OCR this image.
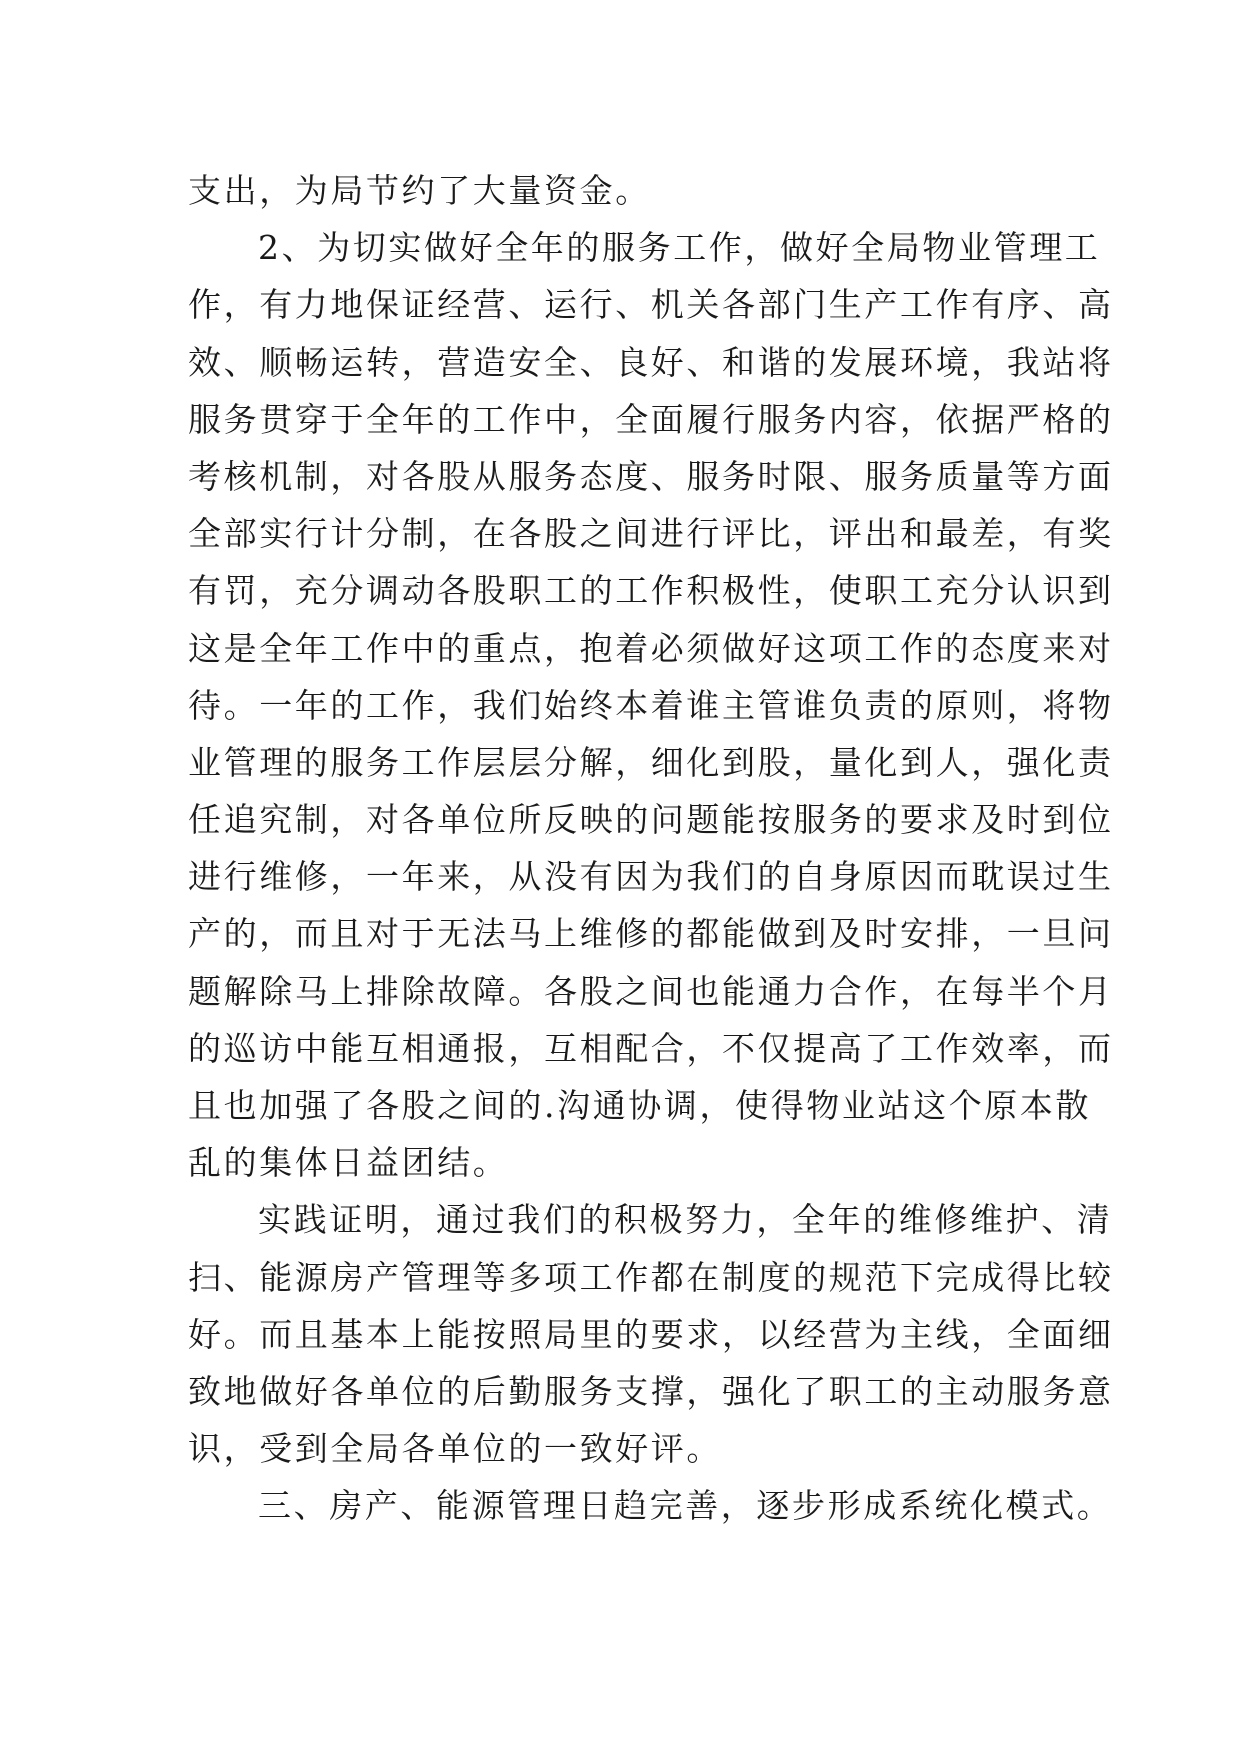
支出，为局节约了大量资金。
2、为切实做好全年的服务工作，做好全局物业管理工
作，有力地保证经营、运行、机关各部门生产工作有序、高
效、顺畅运转，营造安全、良好、和谐的发展环境，我站将
服务贯穿于全年的工作中，全面履行服务内容，依据严格的
考核机制，对各股从服务态度、服务时限、服务质量等方面
全部实行计分制，在各股之间进行评比，评出和最差，有奖
有罚，充分调动各股职工的工作积极性，使职工充分认识到
这是全年工作中的重点，抱着必须做好这项工作的态度来对
待。一年的工作，我们始终本着谁主管谁负责的原则，将物
业管理的服务工作层层分解，细化到股，量化到人，强化责
任追究制，对各单位所反映的问题能按服务的要求及时到位
进行维修，一年来，从没有因为我们的自身原因而耽误过生
产的，而且对于无法马上维修的都能做到及时安排，一旦问
题解除马上排除故障。各股之间也能通力合作，在每半个月
的巡访中能互相通报，互相配合，不仅提高了工作效率，而
且也加强了各股之间的.沟通协调，使得物业站这个原本散
乱的集体日益团结。
实践证明，通过我们的积极努力，全年的维修维护、清
扫、能源房产管理等多项工作都在制度的规范下完成得比较
好。而且基本上能按照局里的要求，以经营为主线，全面细
致地做好各单位的后勤服务支撑，强化了职工的主动服务意
识，受到全局各单位的一致好评。
三、房产、能源管理日趋完善，逐步形成系统化模式。
